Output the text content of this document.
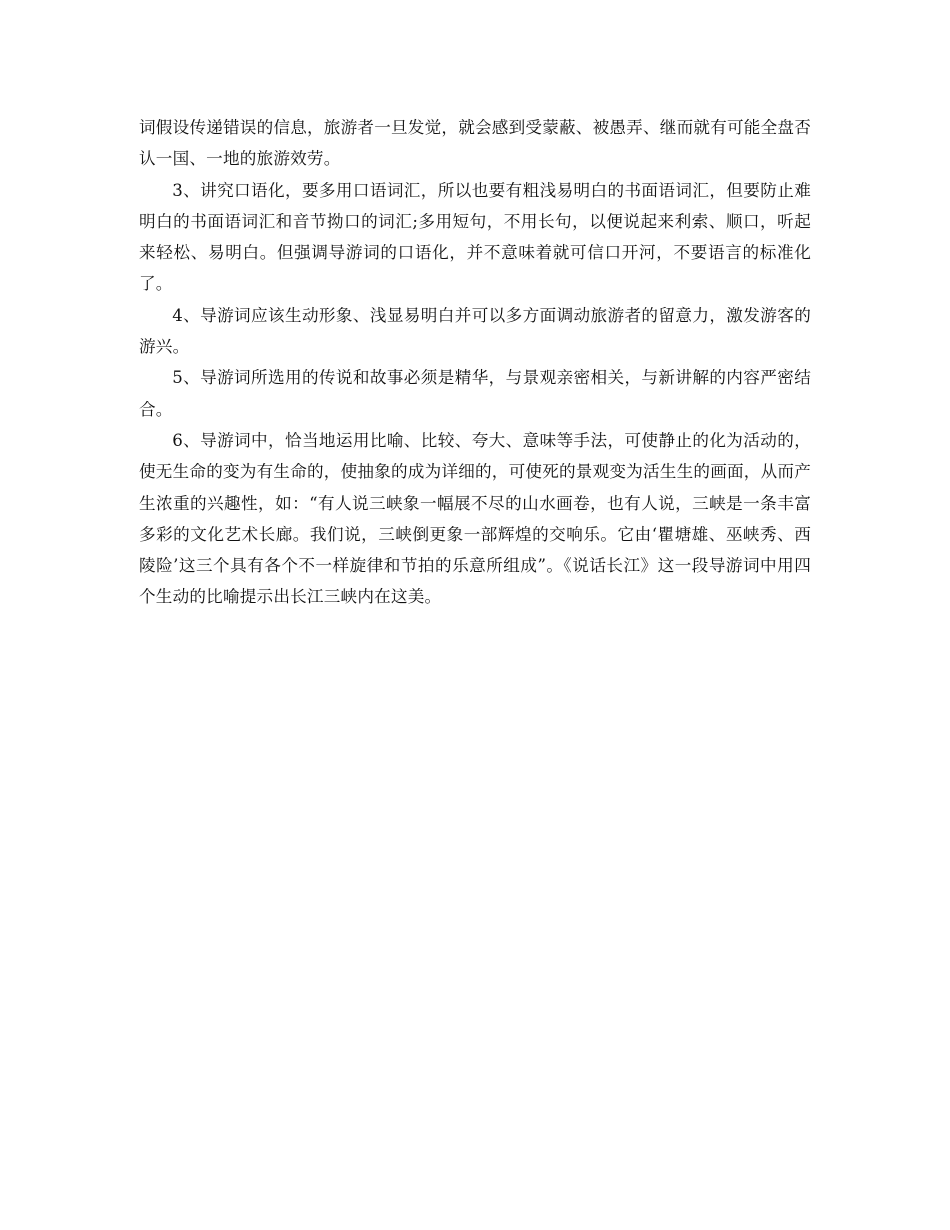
词假设传递错误的信息，旅游者一旦发觉，就会感到受蒙蔽、被愚弄、继而就有可能全盘否认一国、一地的旅游效劳。

3、讲究口语化，要多用口语词汇，所以也要有粗浅易明白的书面语词汇，但要防止难明白的书面语词汇和音节拗口的词汇;多用短句，不用长句，以便说起来利索、顺口，听起来轻松、易明白。但强调导游词的口语化，并不意味着就可信口开河，不要语言的标准化了。

4、导游词应该生动形象、浅显易明白并可以多方面调动旅游者的留意力，激发游客的游兴。

5、导游词所选用的传说和故事必须是精华，与景观亲密相关，与新讲解的内容严密结合。

6、导游词中，恰当地运用比喻、比较、夸大、意味等手法，可使静止的化为活动的，使无生命的变为有生命的，使抽象的成为详细的，可使死的景观变为活生生的画面，从而产生浓重的兴趣性，如：“有人说三峡象一幅展不尽的山水画卷，也有人说，三峡是一条丰富多彩的文化艺术长廊。我们说，三峡倒更象一部辉煌的交响乐。它由‘瞿塘雄、巫峡秀、西陵险’这三个具有各个不一样旋律和节拍的乐意所组成”。《说话长江》这一段导游词中用四个生动的比喻提示出长江三峡内在这美。
